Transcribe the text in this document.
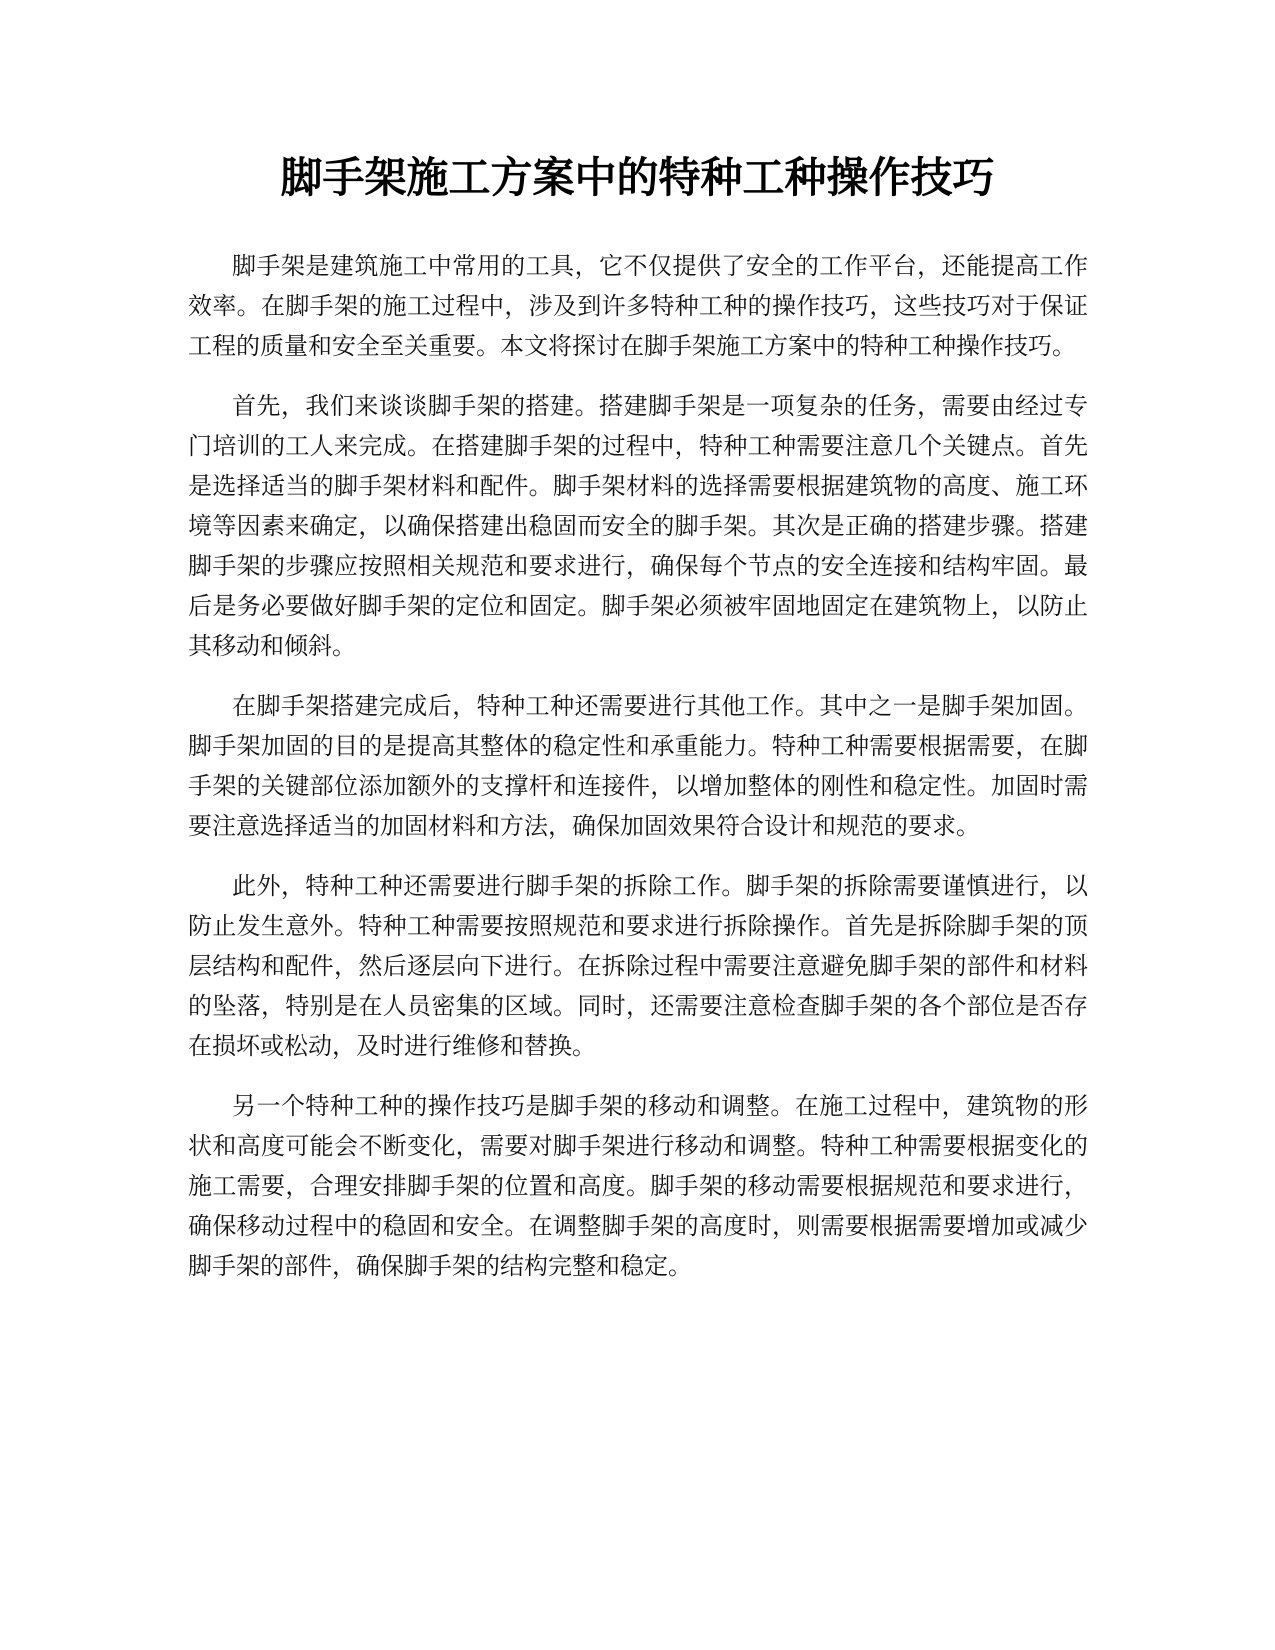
脚手架施工方案中的特种工种操作技巧

脚手架是建筑施工中常用的工具，它不仅提供了安全的工作平台，还能提高工作效率。在脚手架的施工过程中，涉及到许多特种工种的操作技巧，这些技巧对于保证工程的质量和安全至关重要。本文将探讨在脚手架施工方案中的特种工种操作技巧。

首先，我们来谈谈脚手架的搭建。搭建脚手架是一项复杂的任务，需要由经过专门培训的工人来完成。在搭建脚手架的过程中，特种工种需要注意几个关键点。首先是选择适当的脚手架材料和配件。脚手架材料的选择需要根据建筑物的高度、施工环境等因素来确定，以确保搭建出稳固而安全的脚手架。其次是正确的搭建步骤。搭建脚手架的步骤应按照相关规范和要求进行，确保每个节点的安全连接和结构牢固。最后是务必要做好脚手架的定位和固定。脚手架必须被牢固地固定在建筑物上，以防止其移动和倾斜。

在脚手架搭建完成后，特种工种还需要进行其他工作。其中之一是脚手架加固。脚手架加固的目的是提高其整体的稳定性和承重能力。特种工种需要根据需要，在脚手架的关键部位添加额外的支撑杆和连接件，以增加整体的刚性和稳定性。加固时需要注意选择适当的加固材料和方法，确保加固效果符合设计和规范的要求。

此外，特种工种还需要进行脚手架的拆除工作。脚手架的拆除需要谨慎进行，以防止发生意外。特种工种需要按照规范和要求进行拆除操作。首先是拆除脚手架的顶层结构和配件，然后逐层向下进行。在拆除过程中需要注意避免脚手架的部件和材料的坠落，特别是在人员密集的区域。同时，还需要注意检查脚手架的各个部位是否存在损坏或松动，及时进行维修和替换。

另一个特种工种的操作技巧是脚手架的移动和调整。在施工过程中，建筑物的形状和高度可能会不断变化，需要对脚手架进行移动和调整。特种工种需要根据变化的施工需要，合理安排脚手架的位置和高度。脚手架的移动需要根据规范和要求进行，确保移动过程中的稳固和安全。在调整脚手架的高度时，则需要根据需要增加或减少脚手架的部件，确保脚手架的结构完整和稳定。
